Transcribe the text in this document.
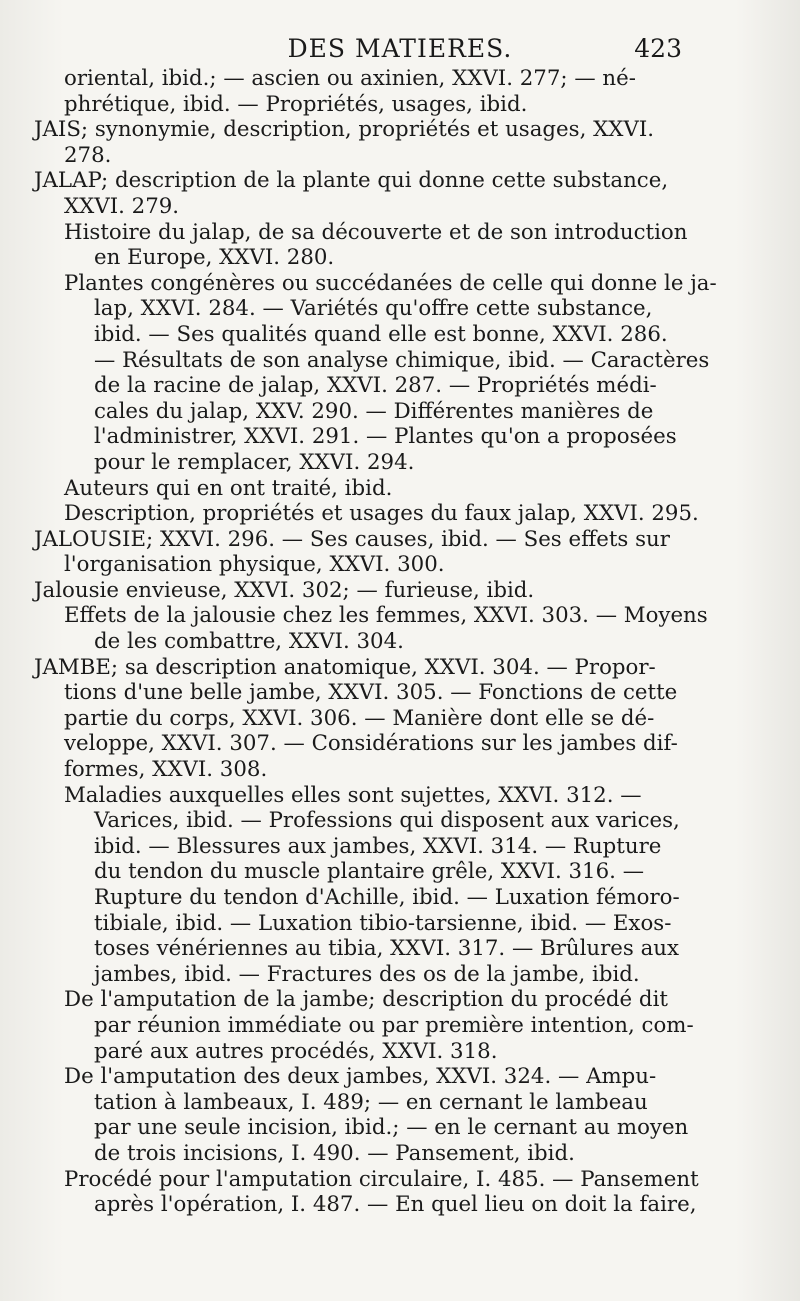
DES MATIERES.	423
oriental, ibid.; — ascien ou axinien, XXVI. 277; — né-
phrétique, ibid. — Propriétés, usages, ibid.
JAIS; synonymie, description, propriétés et usages, XXVI.
278.
JALAP; description de la plante qui donne cette substance,
XXVI. 279.
Histoire du jalap, de sa découverte et de son introduction
en Europe, XXVI. 280.
Plantes congénères ou succédanées de celle qui donne le ja-
lap, XXVI. 284. — Variétés qu'offre cette substance,
ibid. — Ses qualités quand elle est bonne, XXVI. 286.
— Résultats de son analyse chimique, ibid. — Caractères
de la racine de jalap, XXVI. 287. — Propriétés médi-
cales du jalap, XXV. 290. — Différentes manières de
l'administrer, XXVI. 291. — Plantes qu'on a proposées
pour le remplacer, XXVI. 294.
Auteurs qui en ont traité, ibid.
Description, propriétés et usages du faux jalap, XXVI. 295.
JALOUSIE; XXVI. 296. — Ses causes, ibid. — Ses effets sur
l'organisation physique, XXVI. 300.
Jalousie envieuse, XXVI. 302; — furieuse, ibid.
Effets de la jalousie chez les femmes, XXVI. 303. — Moyens
de les combattre, XXVI. 304.
JAMBE; sa description anatomique, XXVI. 304. — Propor-
tions d'une belle jambe, XXVI. 305. — Fonctions de cette
partie du corps, XXVI. 306. — Manière dont elle se dé-
veloppe, XXVI. 307. — Considérations sur les jambes dif-
formes, XXVI. 308.
Maladies auxquelles elles sont sujettes, XXVI. 312. —
Varices, ibid. — Professions qui disposent aux varices,
ibid. — Blessures aux jambes, XXVI. 314. — Rupture
du tendon du muscle plantaire grêle, XXVI. 316. —
Rupture du tendon d'Achille, ibid. — Luxation fémoro-
tibiale, ibid. — Luxation tibio-tarsienne, ibid. — Exos-
toses vénériennes au tibia, XXVI. 317. — Brûlures aux
jambes, ibid. — Fractures des os de la jambe, ibid.
De l'amputation de la jambe; description du procédé dit
par réunion immédiate ou par première intention, com-
paré aux autres procédés, XXVI. 318.
De l'amputation des deux jambes, XXVI. 324. — Ampu-
tation à lambeaux, I. 489; — en cernant le lambeau
par une seule incision, ibid.; — en le cernant au moyen
de trois incisions, I. 490. — Pansement, ibid.
Procédé pour l'amputation circulaire, I. 485. — Pansement
après l'opération, I. 487. — En quel lieu on doit la faire,
